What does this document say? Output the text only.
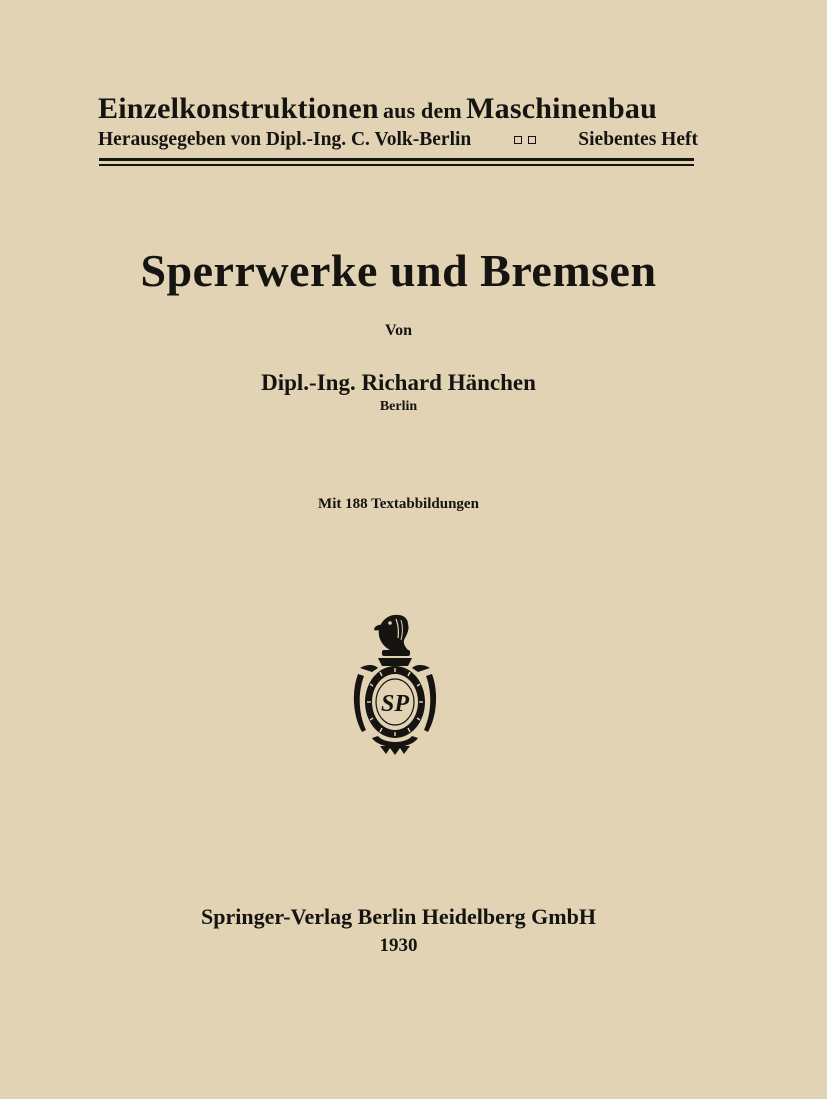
Einzelkonstruktionen aus dem Maschinenbau
Herausgegeben von Dipl.-Ing. C. Volk-Berlin	Siebentes Heft
Sperrwerke und Bremsen
Von
Dipl.-Ing. Richard Hänchen
Berlin
Mit 188 Textabbildungen
SP
Springer-Verlag Berlin Heidelberg GmbH
1930
